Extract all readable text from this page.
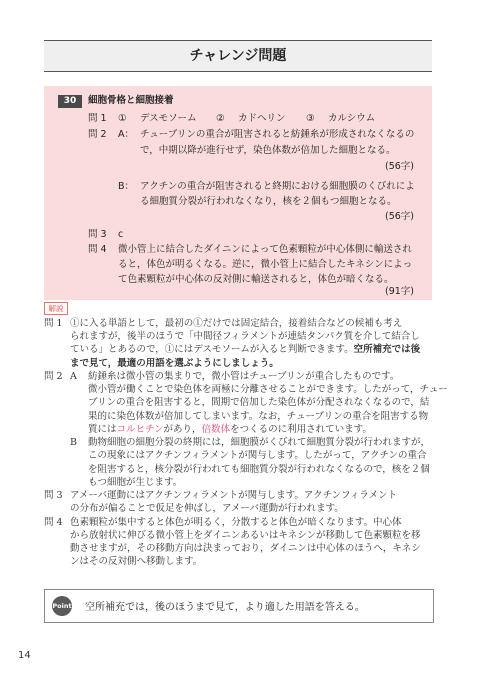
チャレンジ問題
30	細胞骨格と細胞接着
問 1 ① デスモソーム ② カドヘリン ③ カルシウム
問 2 A： チューブリンの重合が阻害されると紡錘糸が形成されなくなるの
で，中期以降が進行せず，染色体数が倍加した細胞となる。
(56字)
B： アクチンの重合が阻害されると終期における細胞膜のくびれによ
る細胞質分裂が行われなくなり，核を２個もつ細胞となる。
(56字)
問 3 c
問 4 微小管上に結合したダイニンによって色素顆粒が中心体側に輸送され
ると，体色が明るくなる。逆に，微小管上に結合したキネシンによっ
て色素顆粒が中心体の反対側に輸送されると，体色が暗くなる。
(91字)
解説
問 1 ①に入る単語として，最初の①だけでは固定結合，接着結合などの候補も考え
られますが，後半のほうで「中間径フィラメントが連結タンパク質を介して結合し
ている」とあるので，①にはデスモソームが入ると判断できます。空所補充では後
まで見て，最適の用語を選ぶようにしましょう。
問 2 A 紡錘糸は微小管の集まりで，微小管はチューブリンが重合したものです。
微小管が働くことで染色体を両極に分離させることができます。したがって，チュー
ブリンの重合を阻害すると，間期で倍加した染色体が分配されなくなるので，結
果的に染色体数が倍加してしまいます。なお，チューブリンの重合を阻害する物
質にはコルヒチンがあり，倍数体をつくるのに利用されています。
B 動物細胞の細胞分裂の終期には，細胞膜がくびれて細胞質分裂が行われますが，
この現象にはアクチンフィラメントが関与します。したがって，アクチンの重合
を阻害すると，核分裂が行われても細胞質分裂が行われなくなるので，核を２個
もつ細胞が生じます。
問 3 アメーバ運動にはアクチンフィラメントが関与します。アクチンフィラメント
の分布が偏ることで仮足を伸ばし，アメーバ運動が行われます。
問 4 色素顆粒が集中すると体色が明るく，分散すると体色が暗くなります。中心体
から放射状に伸びる微小管上をダイニンあるいはキネシンが移動して色素顆粒を移
動させますが，その移動方向は決まっており，ダイニンは中心体のほうへ，キネシ
ンはその反対側へ移動します。
Point 空所補充では，後のほうまで見て，より適した用語を答える。
14
